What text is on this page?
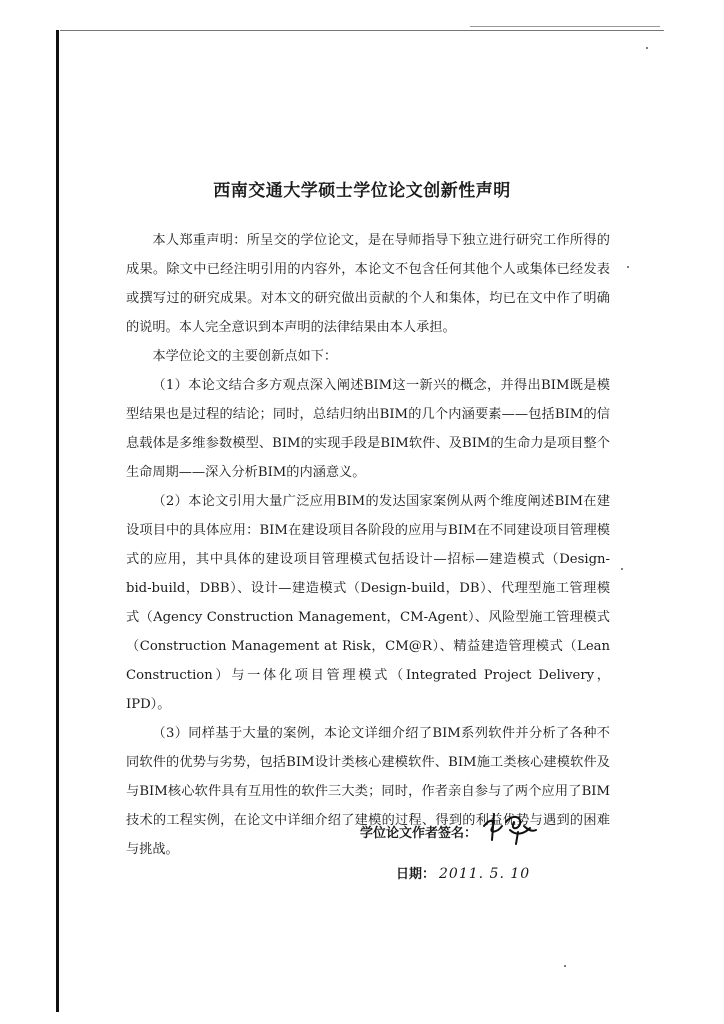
西南交通大学硕士学位论文创新性声明

本人郑重声明：所呈交的学位论文，是在导师指导下独立进行研究工作所得的成果。除文中已经注明引用的内容外，本论文不包含任何其他个人或集体已经发表或撰写过的研究成果。对本文的研究做出贡献的个人和集体，均已在文中作了明确的说明。本人完全意识到本声明的法律结果由本人承担。

本学位论文的主要创新点如下：

（1）本论文结合多方观点深入阐述BIM这一新兴的概念，并得出BIM既是模型结果也是过程的结论；同时，总结归纳出BIM的几个内涵要素——包括BIM的信息载体是多维参数模型、BIM的实现手段是BIM软件、及BIM的生命力是项目整个生命周期——深入分析BIM的内涵意义。

（2）本论文引用大量广泛应用BIM的发达国家案例从两个维度阐述BIM在建设项目中的具体应用：BIM在建设项目各阶段的应用与BIM在不同建设项目管理模式的应用，其中具体的建设项目管理模式包括设计—招标—建造模式（Design-bid-build，DBB）、设计—建造模式（Design-build，DB）、代理型施工管理模式（Agency Construction Management，CM-Agent）、风险型施工管理模式（Construction Management at Risk，CM@R）、精益建造管理模式（Lean Construction）与一体化项目管理模式（Integrated Project Delivery，IPD）。

（3）同样基于大量的案例，本论文详细介绍了BIM系列软件并分析了各种不同软件的优势与劣势，包括BIM设计类核心建模软件、BIM施工类核心建模软件及与BIM核心软件具有互用性的软件三大类；同时，作者亲自参与了两个应用了BIM技术的工程实例，在论文中详细介绍了建模的过程、得到的利益优势与遇到的困难与挑战。

学位论文作者签名：
日期： 2011. 5. 10
